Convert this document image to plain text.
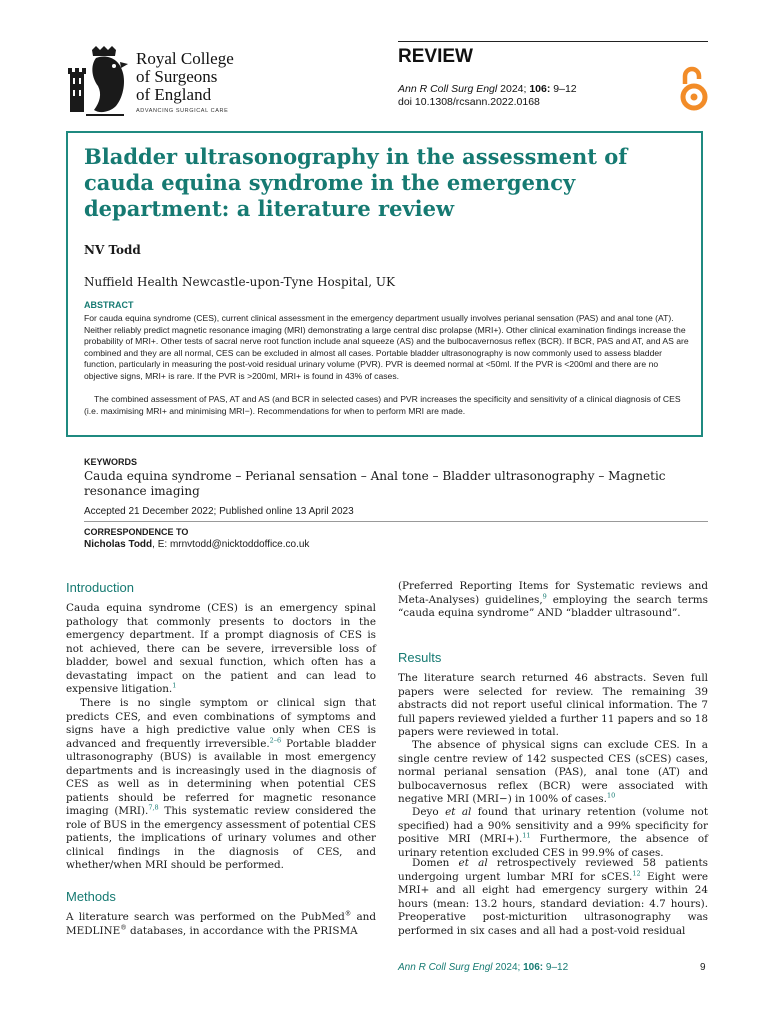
Royal College
of Surgeons
of England
ADVANCING SURGICAL CARE
REVIEW
Ann R Coll Surg Engl 2024; 106: 9–12
doi 10.1308/rcsann.2022.0168
Bladder ultrasonography in the assessment of cauda equina syndrome in the emergency department: a literature review
NV Todd
Nuffield Health Newcastle-upon-Tyne Hospital, UK
ABSTRACT

For cauda equina syndrome (CES), current clinical assessment in the emergency department usually involves perianal sensation (PAS) and anal tone (AT). Neither reliably predict magnetic resonance imaging (MRI) demonstrating a large central disc prolapse (MRI+). Other clinical examination findings increase the probability of MRI+. Other tests of sacral nerve root function include anal squeeze (AS) and the bulbocavernosus reflex (BCR). If BCR, PAS and AT, and AS are combined and they are all normal, CES can be excluded in almost all cases. Portable bladder ultrasonography is now commonly used to assess bladder function, particularly in measuring the post-void residual urinary volume (PVR). PVR is deemed normal at <50ml. If the PVR is <200ml and there are no objective signs, MRI+ is rare. If the PVR is >200ml, MRI+ is found in 43% of cases.

The combined assessment of PAS, AT and AS (and BCR in selected cases) and PVR increases the specificity and sensitivity of a clinical diagnosis of CES (i.e. maximising MRI+ and minimising MRI−). Recommendations for when to perform MRI are made.

KEYWORDS
Cauda equina syndrome – Perianal sensation – Anal tone – Bladder ultrasonography – Magnetic resonance imaging
Accepted 21 December 2022; Published online 13 April 2023
CORRESPONDENCE TO
Nicholas Todd, E: mrnvtodd@nicktoddoffice.co.uk
Introduction

Cauda equina syndrome (CES) is an emergency spinal pathology that commonly presents to doctors in the emergency department. If a prompt diagnosis of CES is not achieved, there can be severe, irreversible loss of bladder, bowel and sexual function, which often has a devastating impact on the patient and can lead to expensive litigation.$^1$

There is no single symptom or clinical sign that predicts CES, and even combinations of symptoms and signs have a high predictive value only when CES is advanced and frequently irreversible.$^{2-6}$ Portable bladder ultrasonography (BUS) is available in most emergency departments and is increasingly used in the diagnosis of CES as well as in determining when potential CES patients should be referred for magnetic resonance imaging (MRI).$^{7,8}$ This systematic review considered the role of BUS in the emergency assessment of potential CES patients, the implications of urinary volumes and other clinical findings in the diagnosis of CES, and whether/when MRI should be performed.

Methods

A literature search was performed on the PubMed® and MEDLINE® databases, in accordance with the PRISMA

(Preferred Reporting Items for Systematic reviews and Meta-Analyses) guidelines,$^9$ employing the search terms “cauda equina syndrome” AND “bladder ultrasound”.

Results

The literature search returned 46 abstracts. Seven full papers were selected for review. The remaining 39 abstracts did not report useful clinical information. The 7 full papers reviewed yielded a further 11 papers and so 18 papers were reviewed in total.

The absence of physical signs can exclude CES. In a single centre review of 142 suspected CES (sCES) cases, normal perianal sensation (PAS), anal tone (AT) and bulbocavernosus reflex (BCR) were associated with negative MRI (MRI−) in 100% of cases.$^{10}$

Deyo et al found that urinary retention (volume not specified) had a 90% sensitivity and a 99% specificity for positive MRI (MRI+).$^{11}$ Furthermore, the absence of urinary retention excluded CES in 99.9% of cases.

Domen et al retrospectively reviewed 58 patients undergoing urgent lumbar MRI for sCES.$^{12}$ Eight were MRI+ and all eight had emergency surgery within 24 hours (mean: 13.2 hours, standard deviation: 4.7 hours). Preoperative post-micturition ultrasonography was performed in six cases and all had a post-void residual

Ann R Coll Surg Engl 2024; 106: 9–12	9
